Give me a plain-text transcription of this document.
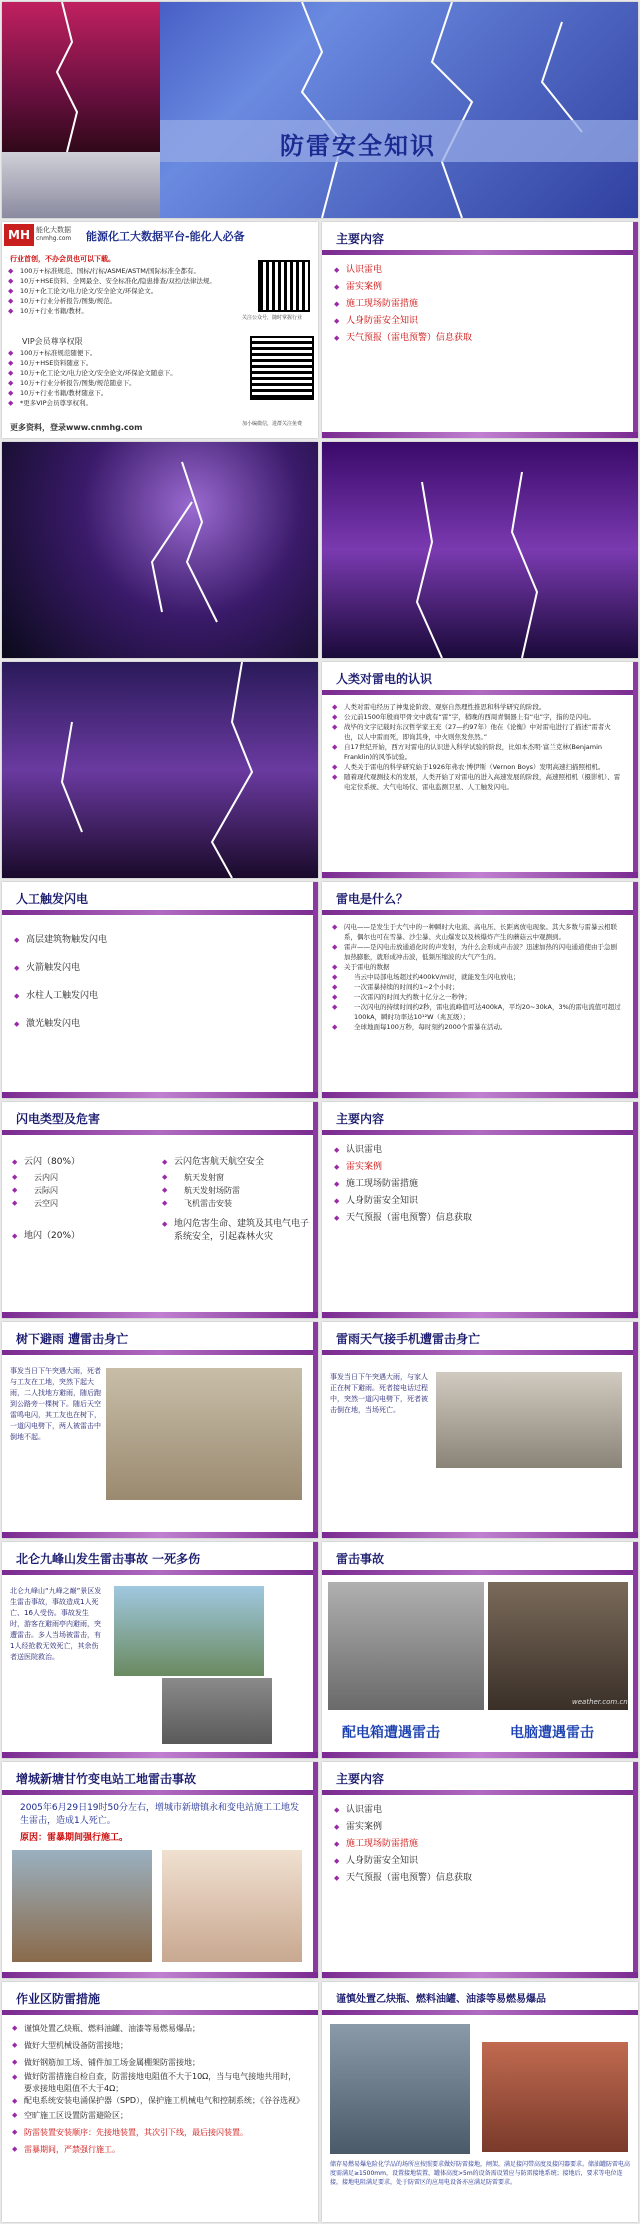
防雷安全知识
MH 能化大数据
cnmhg.com 能源化工大数据平台-能化人必备
行业首创，不办会员也可以下载。
◆ 100万+标准规范、国标/行标/ASME/ASTM/国际标准全都有。
◆ 10万+HSE资料、全网最全、安全标准化/隐患排查/双控/法律法规。
◆ 10万+化工论文/电力论文/安全论文/环保论文。
◆ 10万+行业分析报告/图集/规范。
◆ 10万+行业书籍/教材。
VIP会员尊享权限
◆ 100万+标准规范随便下。
◆ 10万+HSE资料随意下。
◆ 10万+化工论文/电力论文/安全论文/环保论文随意下。
◆ 10万+行业分析报告/图集/规范随意下。
◆ 10万+行业书籍/教材随意下。
◆ *更多VIP会员尊享权利。
更多资料，登录www.cnmhg.com
关注公众号，随时掌握行业
加小编微信，进群关注免费
主要内容
◆ 认识雷电
◆ 雷实案例
◆ 施工现场防雷措施
◆ 人身防雷安全知识
◆ 天气预报（雷电预警）信息获取
人类对雷电的认识
◆ 人类对雷电经历了神鬼论阶段、观察自然理性推思和科学研究的阶段。
◆ 公元前1500年殷商甲骨文中就有“雷”字，稍晚的西周青铜器上有“电”字，指的是闪电。
◆ 战毕的文字记载时东汉哲学家王充（27—约97年）他在《论衡》中对雷电进行了描述“雷者火也，以人中雷而死，即询其身，中火则焦发焦然。”
◆ 自17世纪开始，西方对雷电的认识进入科学试验的阶段，比如本杰明·富兰克林(Benjamin Franklin)的风筝试验。
◆ 人类关于雷电的科学研究始于1926年弗农·博伊斯（Vernon Boys）发明高速扫描照相机。
◆ 随着现代观测技术的发展，人类开始了对雷电的进入高速发展的阶段，高速照相机（摄影机）、雷电定位系统、大气电场仪、雷电监测卫星、人工触发闪电。
人工触发闪电
◆ 高层建筑物触发闪电
◆ 火箭触发闪电
◆ 水柱人工触发闪电
◆ 激光触发闪电
雷电是什么？
◆ 闪电——是发生于大气中的一种瞬时大电流、高电压、长距离放电现象。其大多数与雷暴云相联系，偶尔也可在雪暴、沙尘暴、火山爆发以及核爆炸产生的蘑菇云中观测到。
◆ 雷声——是闪电击放通道化时的声发射，为什么会形成声击波？迅速加热的闪电通道使由于急剧加热膨胀，就形成冲击波，低频压缩波的大气产生的。
◆ 关于雷电的数据
◆ 当云中局部电场超过约400kV/m时，就能发生闪电放电；
◆ 一次雷暴持续的时间约1~2个小时；
◆ 一次雷闪的时间大约数十亿分之一秒钟；
◆ 一次闪电的持续时间约2秒，雷电流峰值可达400kA，平均20~30kA，3%的雷电流值可超过100kA，瞬时功率达10¹²W（兆瓦级）；
◆ 全球地面每100万秒，每时刻约2000个雷暴在活动。
闪电类型及危害
◆ 云闪（80%）
◆ 云内闪
◆ 云际闪
◆ 云空闪
◆ 地闪（20%）
◆ 云闪危害航天航空安全
◆ 航天发射窗
◆ 航天发射场防雷
◆ 飞机雷击安装
◆ 地闪危害生命、建筑及其电气电子系统安全，引起森林火灾
主要内容
◆ 认识雷电
◆ 雷实案例
◆ 施工现场防雷措施
◆ 人身防雷安全知识
◆ 天气预报（雷电预警）信息获取
树下避雨 遭雷击身亡
事发当日下午突遇大雨，死者与工友在工地，突然下起大雨，二人找地方避雨，随后跑到公路旁一棵树下。随后天空雷鸣电闪，其工友也在树下，一道闪电劈下，两人被雷击中倒地不起。
雷雨天气接手机遭雷击身亡
事发当日下午突遇大雨，与家人正在树下避雨。死者接电话过程中，突然一道闪电劈下，死者被击倒在地，当场死亡。
北仑九峰山发生雷击事故 一死多伤
北仑九峰山“九峰之巅”景区发生雷击事故，事故造成1人死亡、16人受伤。事故发生时，游客在避雨亭内避雨，突遭雷击。多人当场被雷击，有1人经抢救无效死亡，其余伤者送医院救治。
雷击事故
weather.com.cn
配电箱遭遇雷击	电脑遭遇雷击
增城新塘甘竹变电站工地雷击事故
2005年6月29日19时50分左右，增城市新塘镇永和变电站施工工地发生雷击，造成1人死亡。
原因：雷暴期间强行施工。
主要内容
◆ 认识雷电
◆ 雷实案例
◆ 施工现场防雷措施
◆ 人身防雷安全知识
◆ 天气预报（雷电预警）信息获取
作业区防雷措施
◆ 谨慎处置乙炔瓶、燃料油罐、油漆等易燃易爆品；
◆ 做好大型机械设备防雷接地；
◆ 做好钢筋加工场、铺件加工场金属棚架防雷接地；
◆ 做好防雷措施自检自查，防雷接地电阻值不大于10Ω，当与电气接地共用时，要求接地电阻值不大于4Ω；
◆ 配电系统安装电涌保护器（SPD），保护施工机械电气和控制系统；《谷谷选视》
◆ 空旷施工区设置防雷避险区；
◆ 防雷装置安装顺序：先接地装置，其次引下线，最后接闪装置。
◆ 雷暴期间，严禁强行施工。
谨慎处置乙炔瓶、燃料油罐、油漆等易燃易爆品
储存易燃易爆危险化学品的场所应按照要求做好防雷接地，闸架，满足接闪带高度及接闪器要求。储油罐防雷电高度需满足≥1500mm，设置接地装置，罐体高度>5m的设备需设置应与防雷接地系统；接地后，要求等电位连接，接地电阻满足要求，处于防雷区的应用电设备亦应满足防雷要求。
